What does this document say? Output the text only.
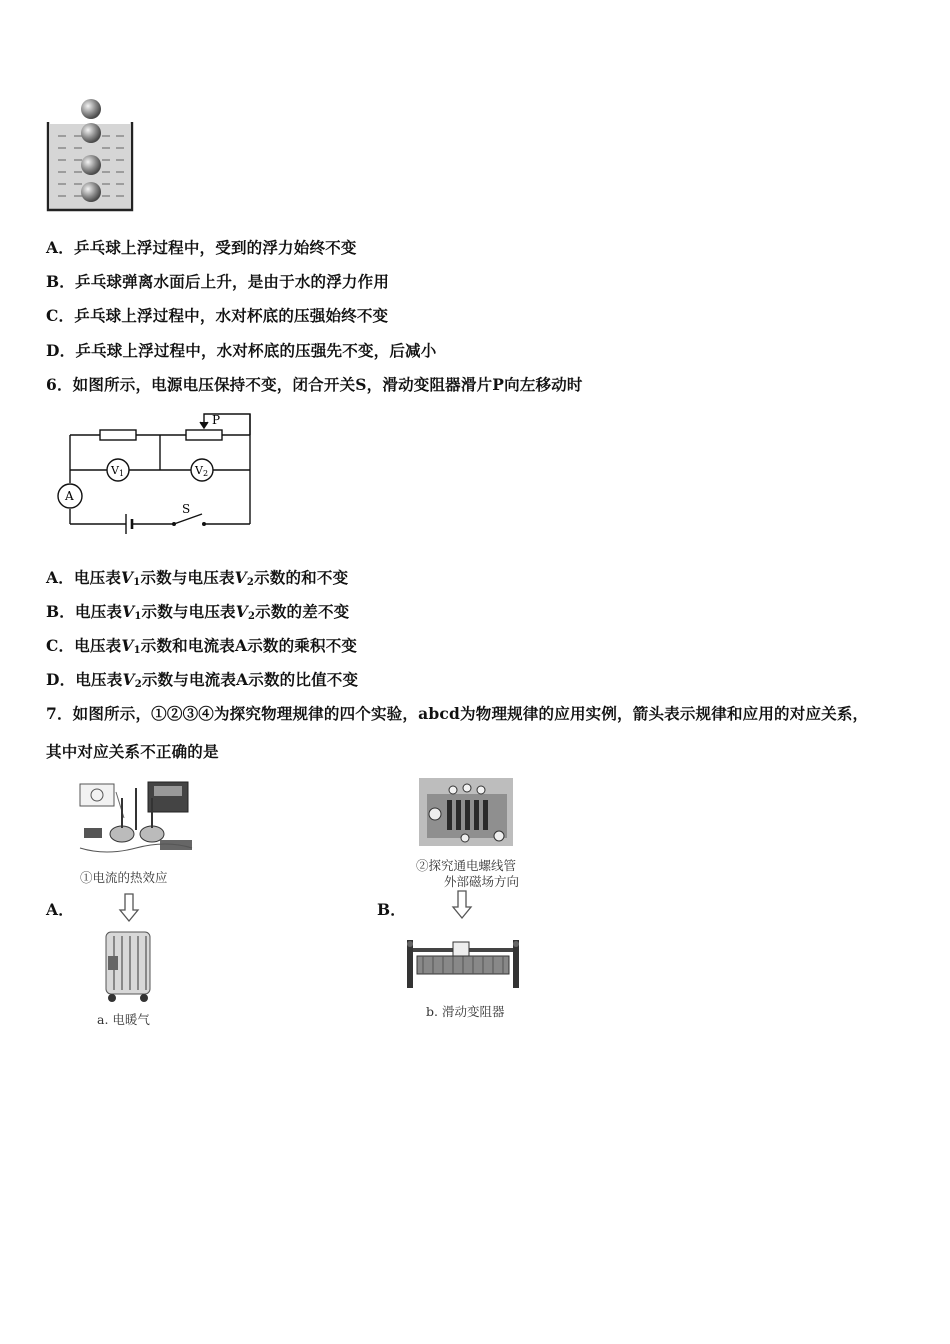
A．乒乓球上浮过程中，受到的浮力始终不变
B．乒乓球弹离水面后上升，是由于水的浮力作用
C．乒乓球上浮过程中，水对杯底的压强始终不变
D．乒乓球上浮过程中，水对杯底的压强先不变，后减小
6．如图所示，电源电压保持不变，闭合开关S，滑动变阻器滑片P向左移动时
P
V1	V2
A
S
A．电压表$V_1$示数与电压表$V_2$示数的和不变
B．电压表$V_1$示数与电压表$V_2$示数的差不变
C．电压表$V_1$示数和电流表A示数的乘积不变
D．电压表$V_2$示数与电流表A示数的比值不变
7．如图所示，①②③④为探究物理规律的四个实验，abcd为物理规律的应用实例，箭头表示规律和应用的对应关系，
其中对应关系不正确的是
①电流的热效应
A．
a. 电暖气
②探究通电螺线管
外部磁场方向
B．
b. 滑动变阻器
